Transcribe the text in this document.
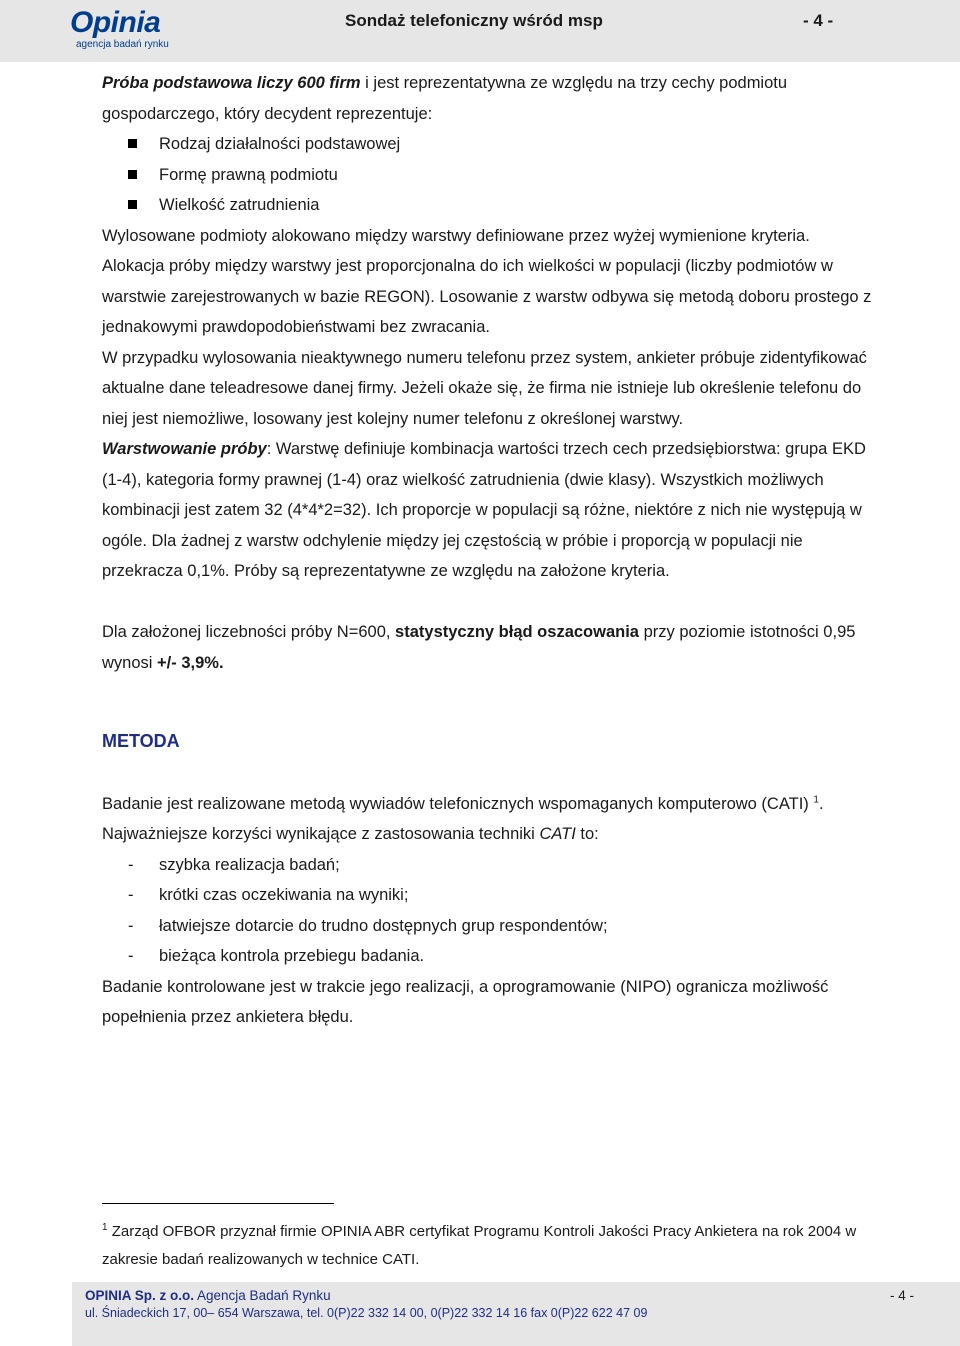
Opinia
agencja badań rynku
Sondaż telefoniczny wśród msp	- 4 -

Próba podstawowa liczy 600 firm i jest reprezentatywna ze względu na trzy cechy podmiotu gospodarczego, który decydent reprezentuje:

Rodzaj działalności podstawowej
Formę prawną podmiotu
Wielkość zatrudnienia

Wylosowane podmioty alokowano między warstwy definiowane przez wyżej wymienione kryteria. Alokacja próby między warstwy jest proporcjonalna do ich wielkości w populacji (liczby podmiotów w warstwie zarejestrowanych w bazie REGON). Losowanie z warstw odbywa się metodą doboru prostego z jednakowymi prawdopodobieństwami bez zwracania.

W przypadku wylosowania nieaktywnego numeru telefonu przez system, ankieter próbuje zidentyfikować aktualne dane teleadresowe danej firmy. Jeżeli okaże się, że firma nie istnieje lub określenie telefonu do niej jest niemożliwe, losowany jest kolejny numer telefonu z określonej warstwy.

Warstwowanie próby: Warstwę definiuje kombinacja wartości trzech cech przedsiębiorstwa: grupa EKD (1-4), kategoria formy prawnej (1-4) oraz wielkość zatrudnienia (dwie klasy). Wszystkich możliwych kombinacji jest zatem 32 (4*4*2=32). Ich proporcje w populacji są różne, niektóre z nich nie występują w ogóle. Dla żadnej z warstw odchylenie między jej częstością w próbie i proporcją w populacji nie przekracza 0,1%. Próby są reprezentatywne ze względu na założone kryteria.

Dla założonej liczebności próby N=600, statystyczny błąd oszacowania przy poziomie istotności 0,95 wynosi +/- 3,9%.

METODA

Badanie jest realizowane metodą wywiadów telefonicznych wspomaganych komputerowo (CATI) $^1$.

Najważniejsze korzyści wynikające z zastosowania techniki CATI to:

- szybka realizacja badań;
- krótki czas oczekiwania na wyniki;
- łatwiejsze dotarcie do trudno dostępnych grup respondentów;
- bieżąca kontrola przebiegu badania.

Badanie kontrolowane jest w trakcie jego realizacji, a oprogramowanie (NIPO) ogranicza możliwość popełnienia przez ankietera błędu.

$^1$ Zarząd OFBOR przyznał firmie OPINIA ABR certyfikat Programu Kontroli Jakości Pracy Ankietera na rok 2004 w zakresie badań realizowanych w technice CATI.
OPINIA Sp. z o.o. Agencja Badań Rynku
ul. Śniadeckich 17, 00– 654 Warszawa, tel. 0(P)22 332 14 00, 0(P)22 332 14 16 fax 0(P)22 622 47 09
- 4 -
